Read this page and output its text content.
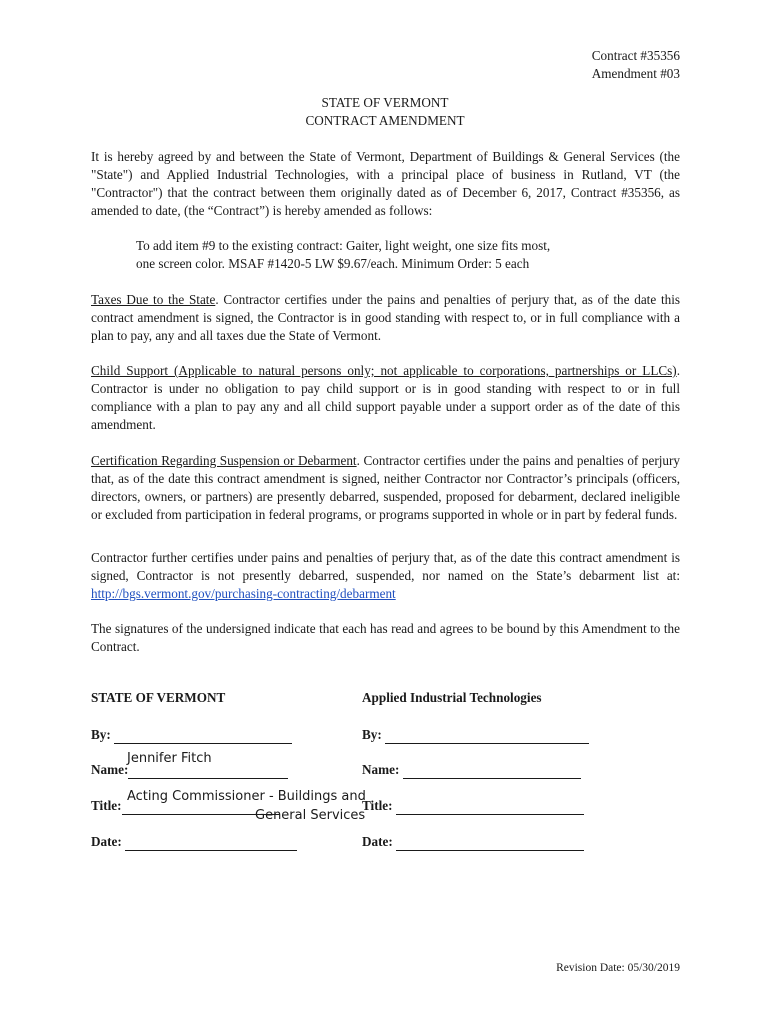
Contract #35356
Amendment #03
STATE OF VERMONT
CONTRACT AMENDMENT

It is hereby agreed by and between the State of Vermont, Department of Buildings & General Services (the "State") and Applied Industrial Technologies, with a principal place of business in Rutland, VT (the "Contractor") that the contract between them originally dated as of December 6, 2017, Contract #35356, as amended to date, (the “Contract”) is hereby amended as follows:

To add item #9 to the existing contract: Gaiter, light weight, one size fits most,
one screen color. MSAF #1420-5 LW $9.67/each. Minimum Order: 5 each

Taxes Due to the State. Contractor certifies under the pains and penalties of perjury that, as of the date this contract amendment is signed, the Contractor is in good standing with respect to, or in full compliance with a plan to pay, any and all taxes due the State of Vermont.

Child Support (Applicable to natural persons only; not applicable to corporations, partnerships or LLCs). Contractor is under no obligation to pay child support or is in good standing with respect to or in full compliance with a plan to pay any and all child support payable under a support order as of the date of this amendment.

Certification Regarding Suspension or Debarment. Contractor certifies under the pains and penalties of perjury that, as of the date this contract amendment is signed, neither Contractor nor Contractor’s principals (officers, directors, owners, or partners) are presently debarred, suspended, proposed for debarment, declared ineligible or excluded from participation in federal programs, or programs supported in whole or in part by federal funds.

Contractor further certifies under pains and penalties of perjury that, as of the date this contract amendment is signed, Contractor is not presently debarred, suspended, nor named on the State’s debarment list at: http://bgs.vermont.gov/purchasing-contracting/debarment

The signatures of the undersigned indicate that each has read and agrees to be bound by this Amendment to the Contract.

STATE OF VERMONT
By:
Jennifer Fitch
Name:
Acting Commissioner - Buildings and
Title:
General Services
Date:
Applied Industrial Technologies
By:
Name:
Title:
Date:
Revision Date: 05/30/2019
